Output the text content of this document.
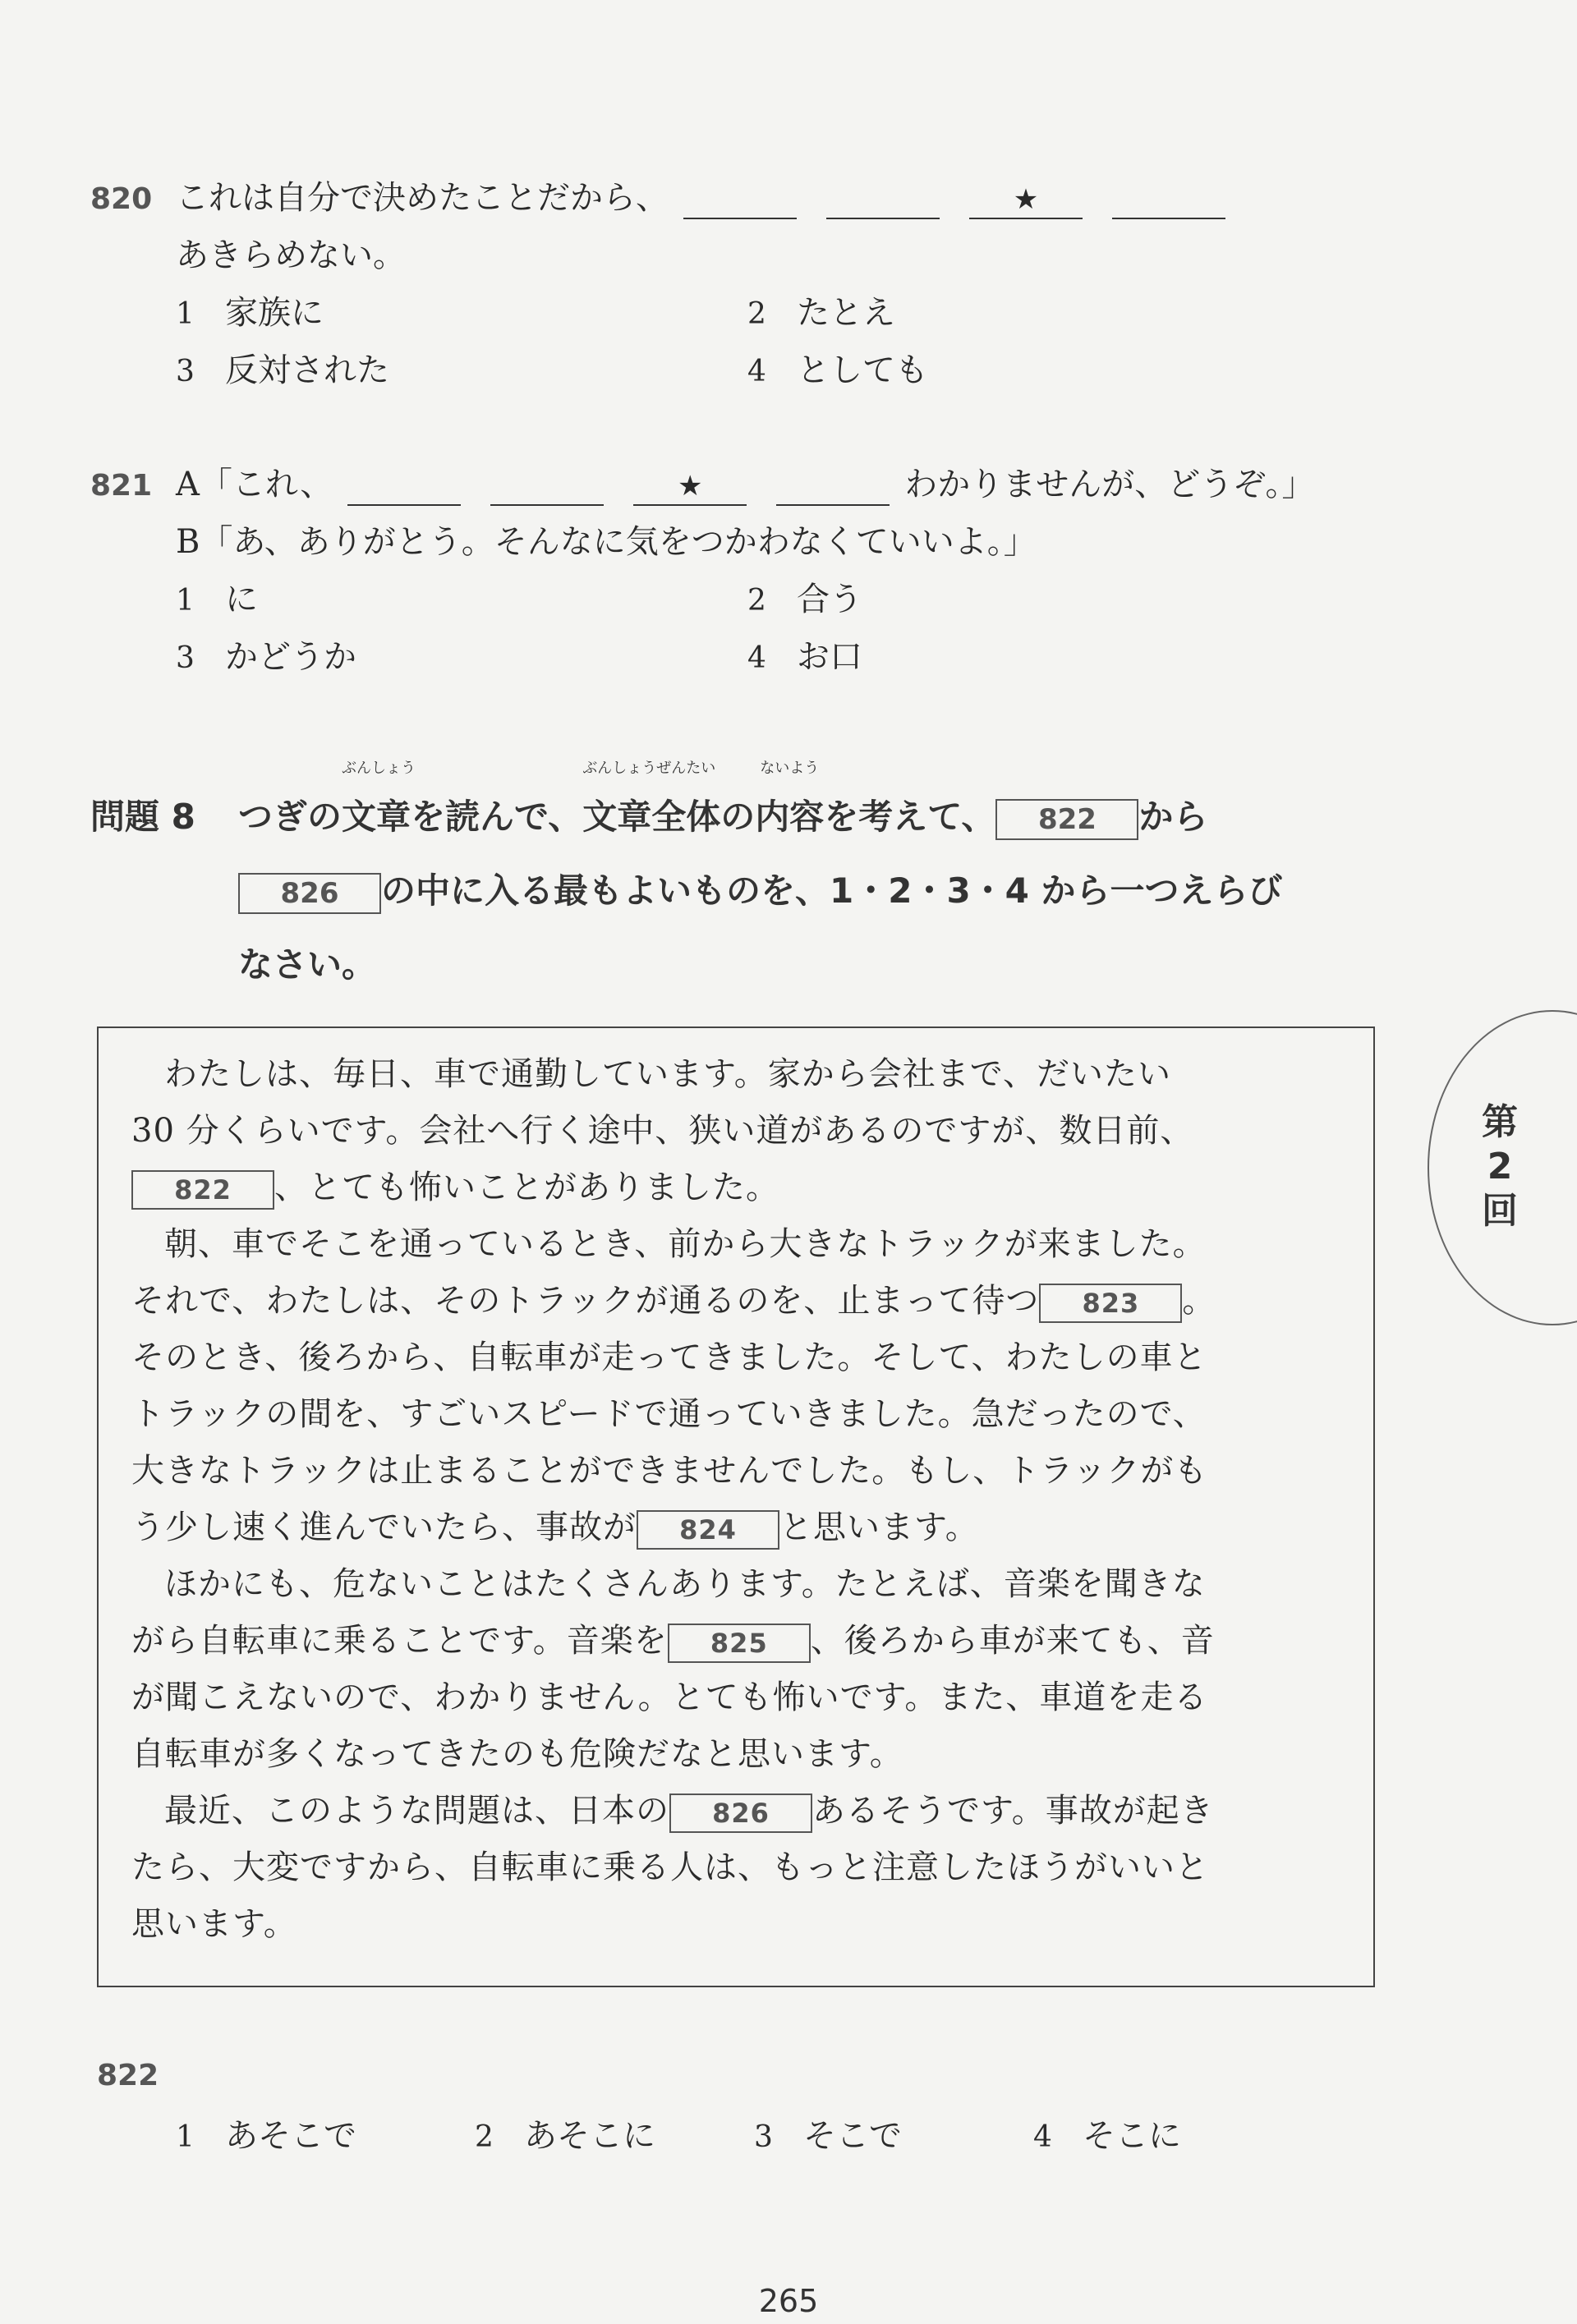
820 これは自分で決めたことだから、	★
あきらめない。
1 家族に	2 たとえ
3 反対された	4 としても
821 A「これ、	★	わかりませんが、どうぞ。」
B「あ、ありがとう。そんなに気をつかわなくていいよ。」
1 に	2 合う
3 かどうか	4 お口
問題 8 つぎの
ぶんしょう
文章を読んで、
ぶんしょう
文章
ぜんたい
全体の
ないよう
内容を考えて、 822 から
826 の中に入る最もよいものを、1・2・3・4 から一つえらび
なさい。
わたしは、毎日、車で通勤しています。家から会社まで、だいたい
30 分くらいです。会社へ行く途中、狭い道があるのですが、数日前、
822 、とても怖いことがありました。
朝、車でそこを通っているとき、前から大きなトラックが来ました。
それで、わたしは、そのトラックが通るのを、止まって待つ 823 。
そのとき、後ろから、自転車が走ってきました。そして、わたしの車と
トラックの間を、すごいスピードで通っていきました。急だったので、
大きなトラックは止まることができませんでした。もし、トラックがも
う少し速く進んでいたら、事故が 824 と思います。
ほかにも、危ないことはたくさんあります。たとえば、音楽を聞きな
がら自転車に乗ることです。音楽を 825 、後ろから車が来ても、音
が聞こえないので、わかりません。とても怖いです。また、車道を走る
自転車が多くなってきたのも危険だなと思います。
最近、このような問題は、日本の 826 あるそうです。事故が起き
たら、大変ですから、自転車に乗る人は、もっと注意したほうがいいと
思います。
第
2
回
822
1 あそこで	2 あそこに	3 そこで	4 そこに
265
